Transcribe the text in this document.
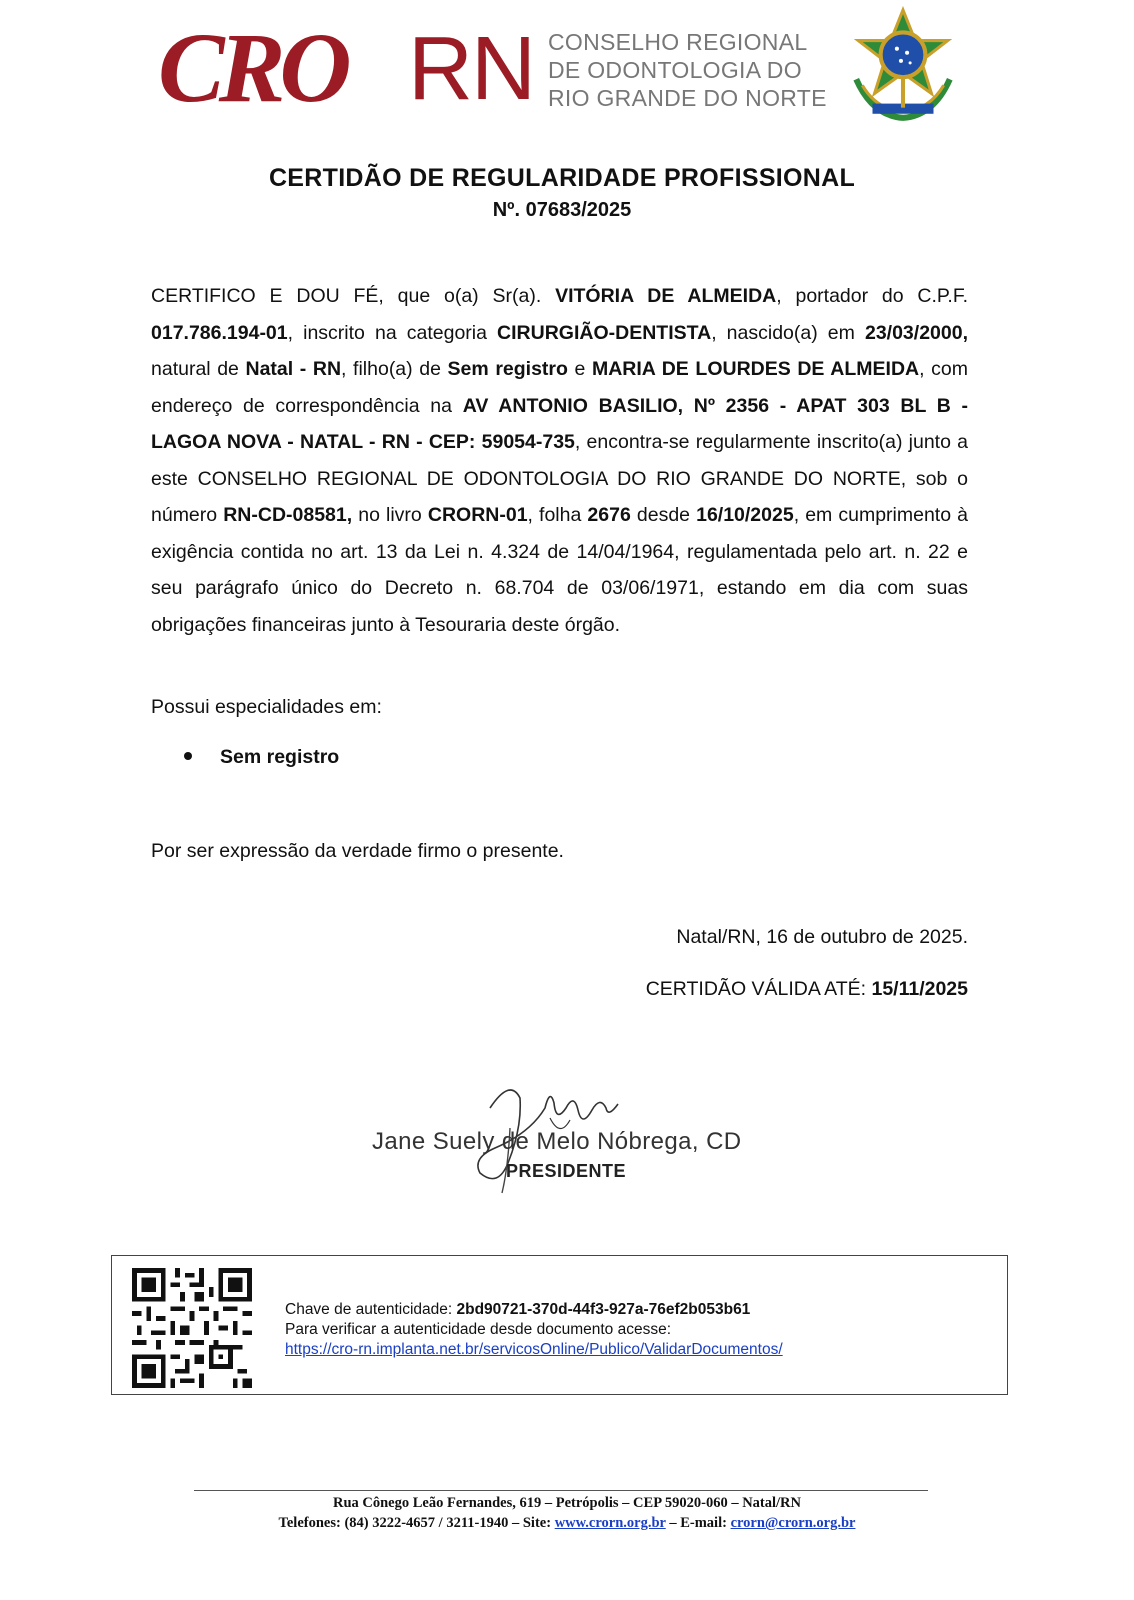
CRO RN CONSELHO REGIONAL
DE ODONTOLOGIA DO
RIO GRANDE DO NORTE
CERTIDÃO DE REGULARIDADE PROFISSIONAL
Nº. 07683/2025
CERTIFICO E DOU FÉ, que o(a) Sr(a). VITÓRIA DE ALMEIDA, portador do C.P.F. 017.786.194-01, inscrito na categoria CIRURGIÃO-DENTISTA, nascido(a) em 23/03/2000, natural de Natal - RN, filho(a) de Sem registro e MARIA DE LOURDES DE ALMEIDA, com endereço de correspondência na AV ANTONIO BASILIO, Nº 2356 - APAT 303 BL B - LAGOA NOVA - NATAL - RN - CEP: 59054-735, encontra-se regularmente inscrito(a) junto a este CONSELHO REGIONAL DE ODONTOLOGIA DO RIO GRANDE DO NORTE, sob o número RN-CD-08581, no livro CRORN-01, folha 2676 desde 16/10/2025, em cumprimento à exigência contida no art. 13 da Lei n. 4.324 de 14/04/1964, regulamentada pelo art. n. 22 e seu parágrafo único do Decreto n. 68.704 de 03/06/1971, estando em dia com suas obrigações financeiras junto à Tesouraria deste órgão.
Possui especialidades em:
Sem registro
Por ser expressão da verdade firmo o presente.
Natal/RN, 16 de outubro de 2025.
CERTIDÃO VÁLIDA ATÉ: 15/11/2025
Jane Suely de Melo Nóbrega, CD
PRESIDENTE
Chave de autenticidade: 2bd90721-370d-44f3-927a-76ef2b053b61
Para verificar a autenticidade desde documento acesse:
https://cro-rn.implanta.net.br/servicosOnline/Publico/ValidarDocumentos/
Rua Cônego Leão Fernandes, 619 – Petrópolis – CEP 59020-060 – Natal/RN
Telefones: (84) 3222-4657 / 3211-1940 – Site: www.crorn.org.br – E-mail: crorn@crorn.org.br
